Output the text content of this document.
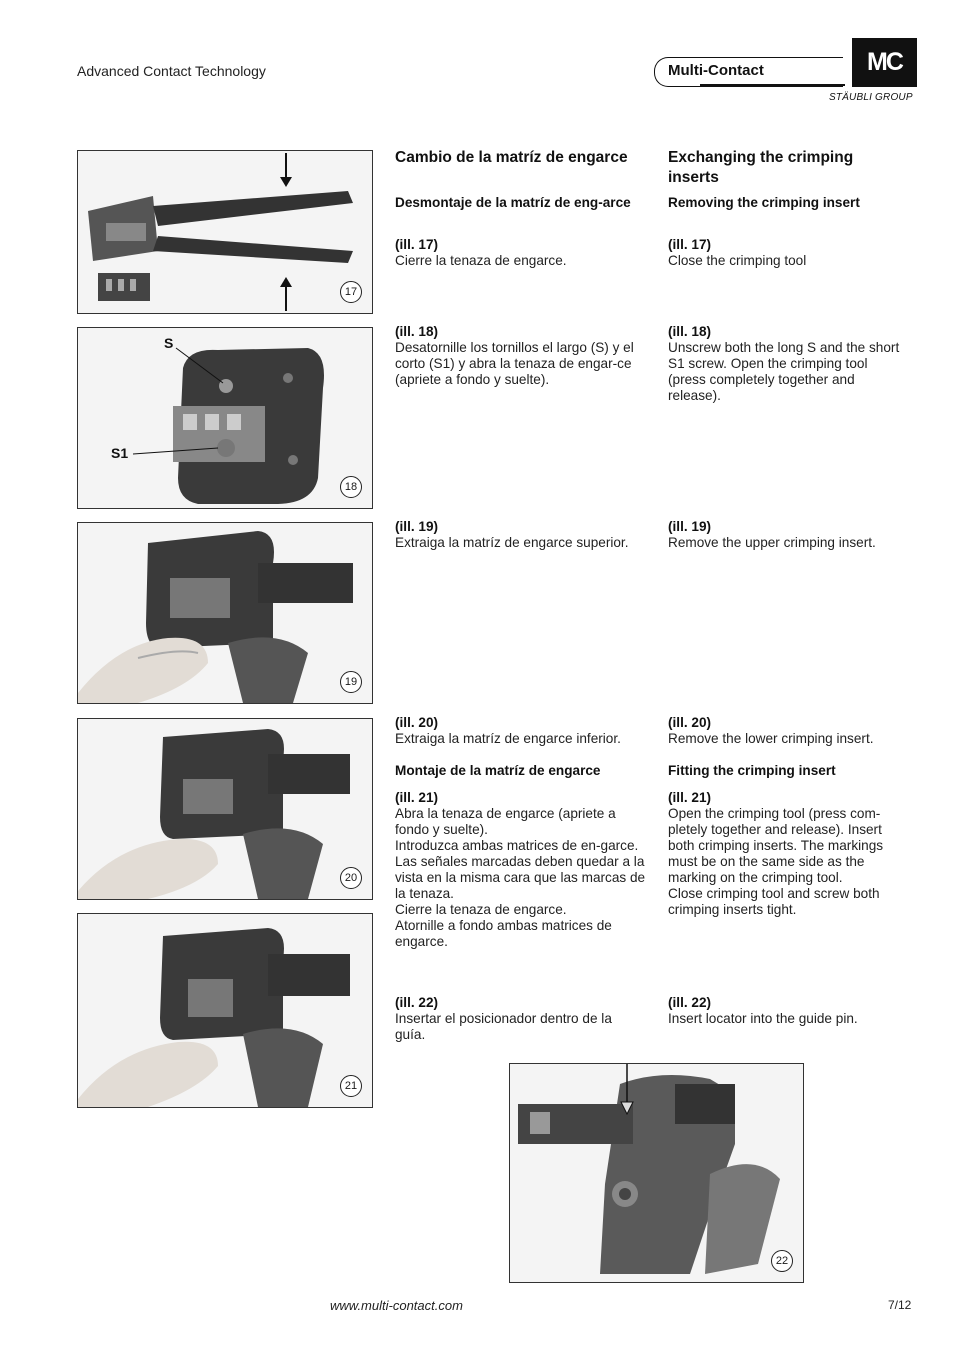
Advanced Contact Technology	Multi-Contact	MC
STÄUBLI GROUP
17
S
S1
18
19
20
21
22
Cambio de la matríz de engarce
Desmontaje de la matríz de eng-arce
(ill. 17)
Cierre la tenaza de engarce.
(ill. 18)
Desatornille los tornillos el largo (S) y el corto (S1) y abra la tenaza de engar-ce (apriete a fondo y suelte).
(ill. 19)
Extraiga la matríz de engarce superior.
(ill. 20)
Extraiga la matríz de engarce inferior.
Montaje de la matríz de engarce
(ill. 21)
Abra la tenaza de engarce (apriete a fondo y suelte).
Introduzca ambas matrices de en-garce. Las señales marcadas deben quedar a la vista en la misma cara que las marcas de la tenaza.
Cierre la tenaza de engarce.
Atornille a fondo ambas matrices de engarce.
(ill. 22)
Insertar el posicionador dentro de la guía.
Exchanging the crimping inserts
Removing the crimping insert
(ill. 17)
Close the crimping tool
(ill. 18)
Unscrew both the long S and the short S1 screw. Open the crimping tool (press completely together and release).
(ill. 19)
Remove the upper crimping insert.
(ill. 20)
Remove the lower crimping insert.
Fitting the crimping insert
(ill. 21)
Open the crimping tool (press com-pletely together and release). Insert both crimping inserts. The markings must be on the same side as the marking on the crimping tool.
Close crimping tool and screw both crimping inserts tight.
(ill. 22)
Insert locator into the guide pin.
www.multi-contact.com	7/12
